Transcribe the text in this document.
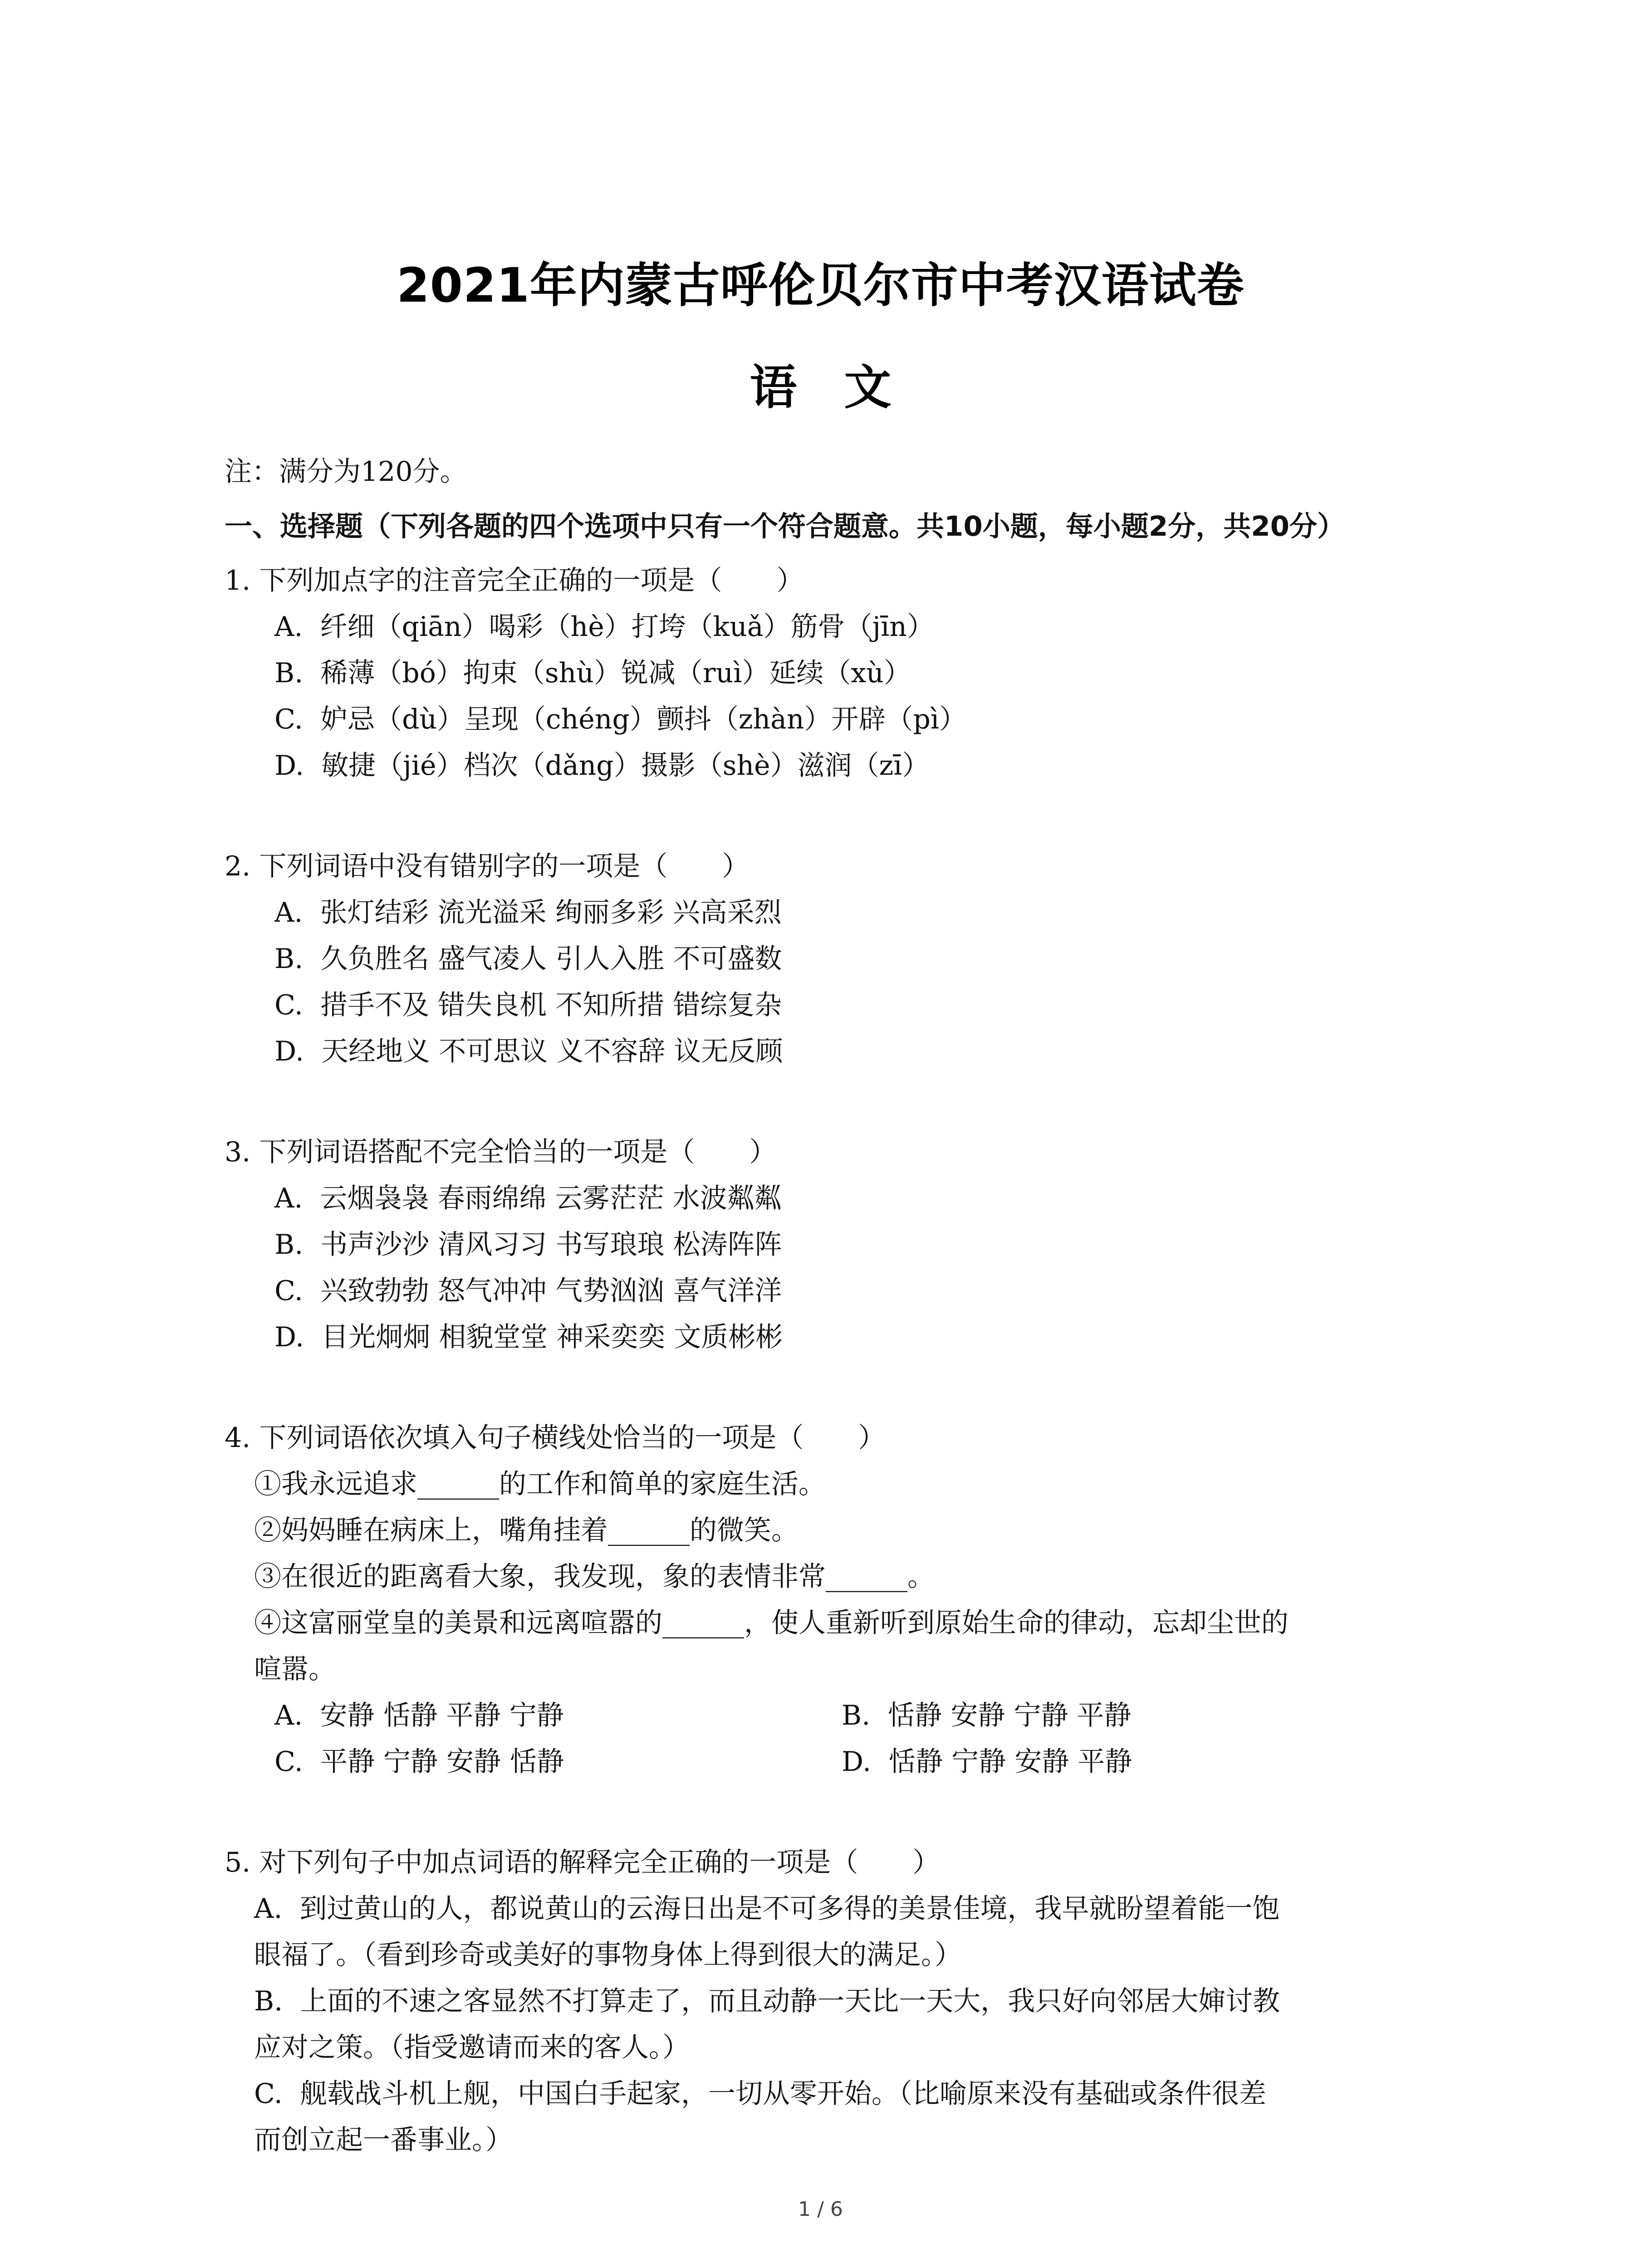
2021年内蒙古呼伦贝尔市中考汉语试卷
语　文
注：满分为120分。
一、选择题（下列各题的四个选项中只有一个符合题意。共10小题，每小题2分，共20分）
1. 下列加点字的注音完全正确的一项是（　　）
A.  纤细（qiān）喝彩（hè）打垮（kuǎ）筋骨（jīn）
B.  稀薄（bó）拘束（shù）锐减（ruì）延续（xù）
C.  妒忌（dù）呈现（chéng）颤抖（zhàn）开辟（pì）
D.  敏捷（jié）档次（dǎng）摄影（shè）滋润（zī）
2. 下列词语中没有错别字的一项是（　　）
A.  张灯结彩 流光溢采 绚丽多彩 兴高采烈
B.  久负胜名 盛气凌人 引人入胜 不可盛数
C.  措手不及 错失良机 不知所措 错综复杂
D.  天经地义 不可思议 义不容辞 议无反顾
3. 下列词语搭配不完全恰当的一项是（　　）
A.  云烟袅袅 春雨绵绵 云雾茫茫 水波粼粼
B.  书声沙沙 清风习习 书写琅琅 松涛阵阵
C.  兴致勃勃 怒气冲冲 气势汹汹 喜气洋洋
D.  目光炯炯 相貌堂堂 神采奕奕 文质彬彬
4. 下列词语依次填入句子横线处恰当的一项是（　　）
①我永远追求______的工作和简单的家庭生活。
②妈妈睡在病床上，嘴角挂着______的微笑。
③在很近的距离看大象，我发现，象的表情非常______。
④这富丽堂皇的美景和远离喧嚣的______，使人重新听到原始生命的律动，忘却尘世的
喧嚣。
A.  安静 恬静 平静 宁静	B.  恬静 安静 宁静 平静
C.  平静 宁静 安静 恬静	D.  恬静 宁静 安静 平静
5. 对下列句子中加点词语的解释完全正确的一项是（　　）
A.  到过黄山的人，都说黄山的云海日出是不可多得的美景佳境，我早就盼望着能一饱
眼福了。（看到珍奇或美好的事物身体上得到很大的满足。）
B.  上面的不速之客显然不打算走了，而且动静一天比一天大，我只好向邻居大婶讨教
应对之策。（指受邀请而来的客人。）
C.  舰载战斗机上舰，中国白手起家，一切从零开始。（比喻原来没有基础或条件很差
而创立起一番事业。）
1 / 6
